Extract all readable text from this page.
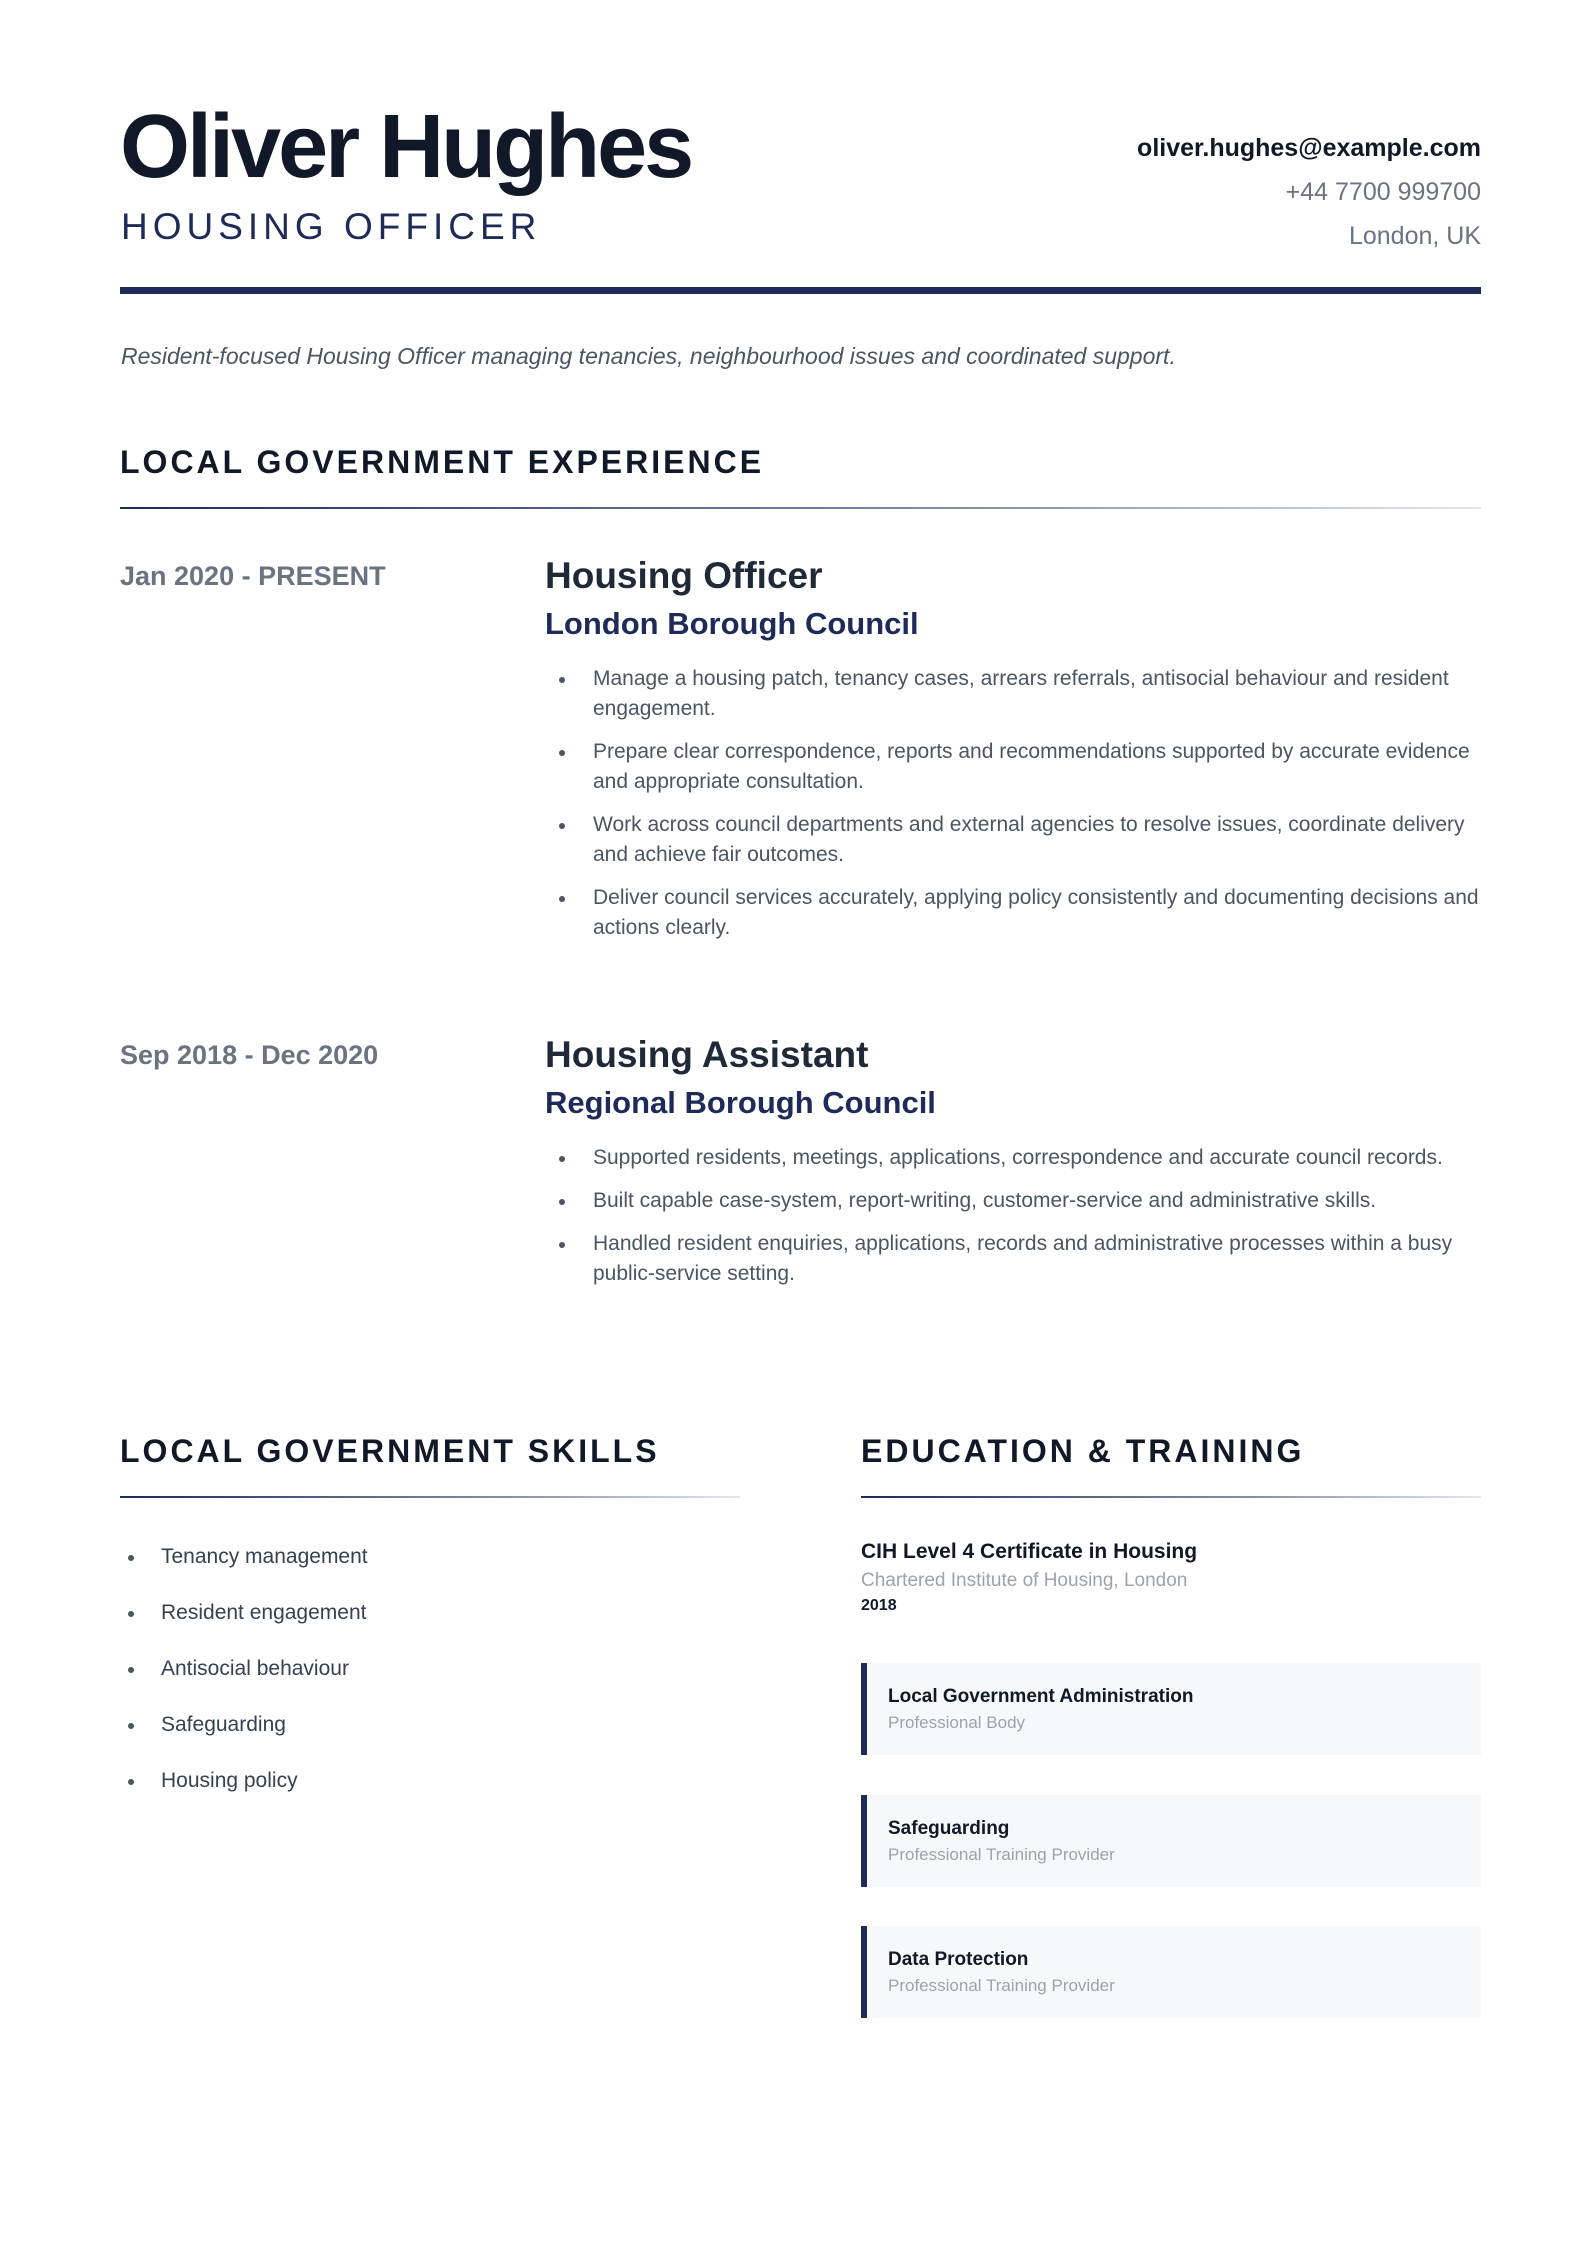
Oliver Hughes
HOUSING OFFICER
oliver.hughes@example.com
+44 7700 999700
London, UK
Resident-focused Housing Officer managing tenancies, neighbourhood issues and coordinated support.
LOCAL GOVERNMENT EXPERIENCE
Jan 2020 - PRESENT	Housing Officer
London Borough Council
Manage a housing patch, tenancy cases, arrears referrals, antisocial behaviour and resident engagement.
Prepare clear correspondence, reports and recommendations supported by accurate evidence and appropriate consultation.
Work across council departments and external agencies to resolve issues, coordinate delivery and achieve fair outcomes.
Deliver council services accurately, applying policy consistently and documenting decisions and actions clearly.
Sep 2018 - Dec 2020	Housing Assistant
Regional Borough Council
Supported residents, meetings, applications, correspondence and accurate council records.
Built capable case-system, report-writing, customer-service and administrative skills.
Handled resident enquiries, applications, records and administrative processes within a busy public-service setting.
LOCAL GOVERNMENT SKILLS
Tenancy management
Resident engagement
Antisocial behaviour
Safeguarding
Housing policy
EDUCATION & TRAINING
CIH Level 4 Certificate in Housing
Chartered Institute of Housing, London
2018
Local Government Administration
Professional Body
Safeguarding
Professional Training Provider
Data Protection
Professional Training Provider
